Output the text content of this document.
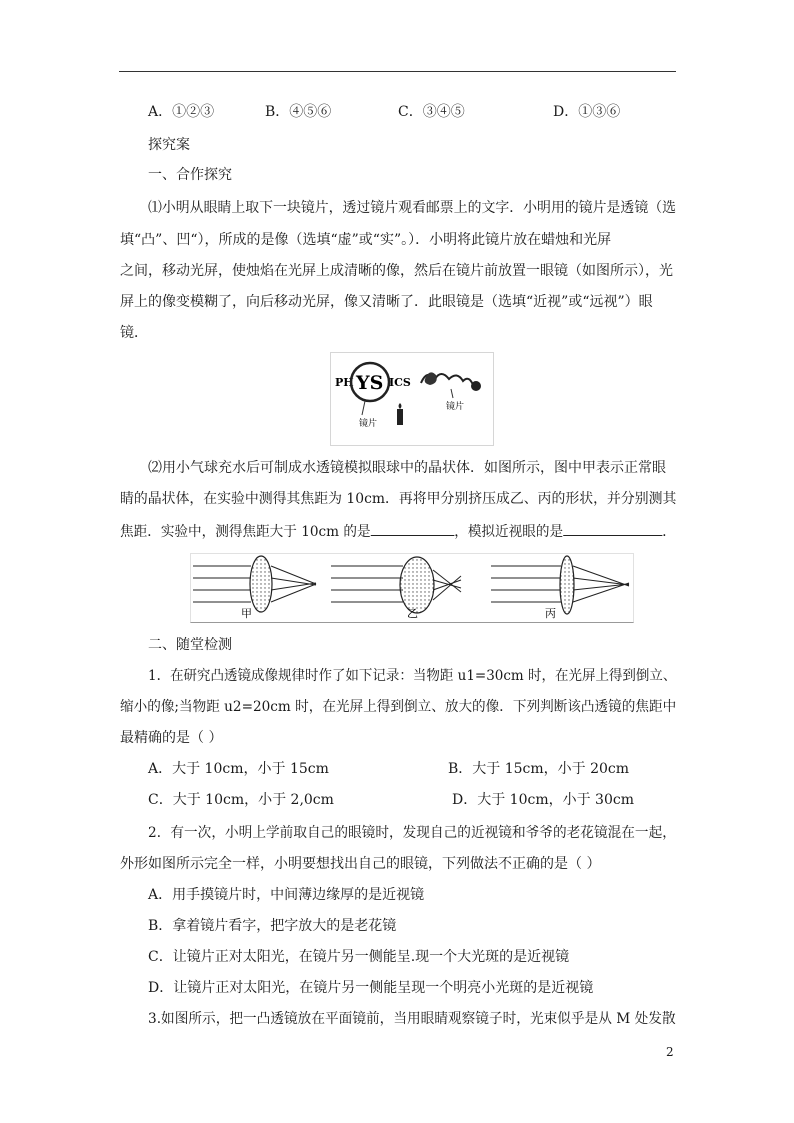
A．①②③	B．④⑤⑥	C．③④⑤	D．①③⑥
探究案
一、合作探究
⑴小明从眼睛上取下一块镜片，透过镜片观看邮票上的文字．小明用的镜片是透镜（选
填“凸”、凹“），所成的是像（选填“虚”或“实”。）．小明将此镜片放在蜡烛和光屏
之间，移动光屏，使烛焰在光屏上成清晰的像，然后在镜片前放置一眼镜（如图所示），光
屏上的像变模糊了，向后移动光屏，像又清晰了．此眼镜是（选填“近视”或“远视”）眼
镜．
PH YS ICS
镜片
镜片
⑵用小气球充水后可制成水透镜模拟眼球中的晶状体．如图所示，图中甲表示正常眼
睛的晶状体，在实验中测得其焦距为 10cm．再将甲分别挤压成乙、丙的形状，并分别测其
焦距．实验中，测得焦距大于 10cm 的是	，模拟近视眼的是	．
甲	乙	丙
二、随堂检测
1．在研究凸透镜成像规律时作了如下记录：当物距 u1=30cm 时，在光屏上得到倒立、
缩小的像;当物距 u2=20cm 时，在光屏上得到倒立、放大的像．下列判断该凸透镜的焦距中
最精确的是（ ）
A．大于 10cm，小于 15cm	B．大于 15cm，小于 20cm
C．大于 10cm，小于 2,0cm	D．大于 10cm，小于 30cm
2．有一次，小明上学前取自己的眼镜时，发现自己的近视镜和爷爷的老花镜混在一起，
外形如图所示完全一样，小明要想找出自己的眼镜，下列做法不正确的是（ ）
A．用手摸镜片时，中间薄边缘厚的是近视镜
B．拿着镜片看字，把字放大的是老花镜
C．让镜片正对太阳光，在镜片另一侧能呈.现一个大光斑的是近视镜
D．让镜片正对太阳光，在镜片另一侧能呈现一个明亮小光斑的是近视镜
3.如图所示，把一凸透镜放在平面镜前，当用眼睛观察镜子时，光束似乎是从 M 处发散
2
